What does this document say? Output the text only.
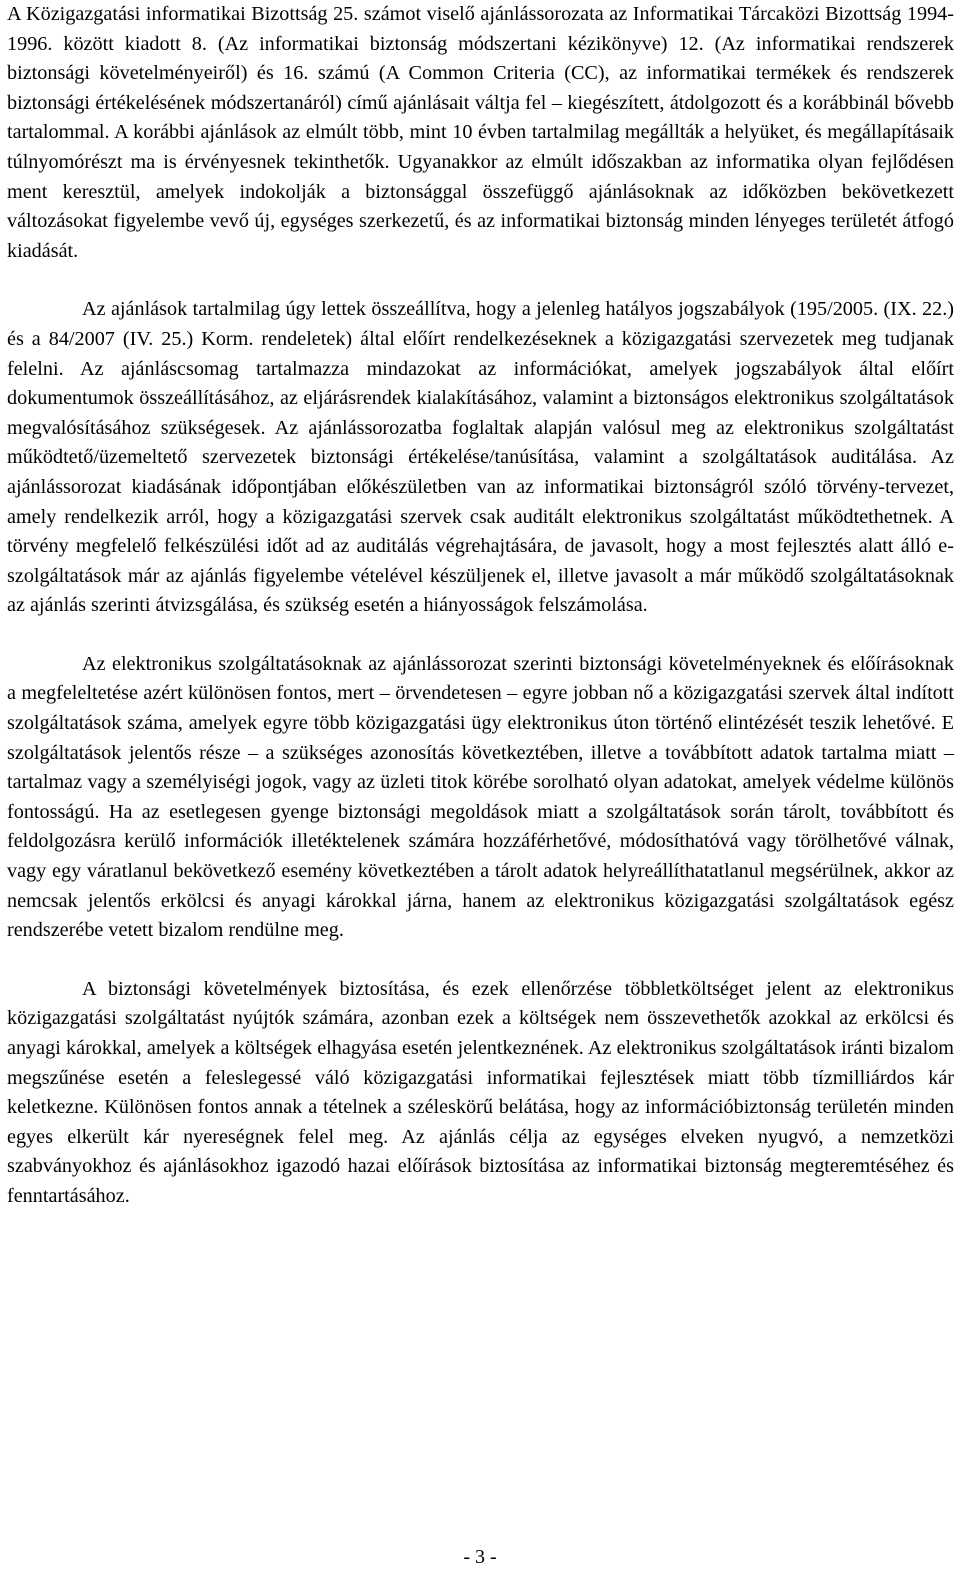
A Közigazgatási informatikai Bizottság 25. számot viselő ajánlássorozata az Informatikai Tárcaközi Bizottság 1994-1996. között kiadott 8. (Az informatikai biztonság módszertani kézikönyve) 12. (Az informatikai rendszerek biztonsági követelményeiről) és 16. számú (A Common Criteria (CC), az informatikai termékek és rendszerek biztonsági értékelésének módszertanáról) című ajánlásait váltja fel – kiegészített, átdolgozott és a korábbinál bővebb tartalommal. A korábbi ajánlások az elmúlt több, mint 10 évben tartalmilag megállták a helyüket, és megállapításaik túlnyomórészt ma is érvényesnek tekinthetők. Ugyanakkor az elmúlt időszakban az informatika olyan fejlődésen ment keresztül, amelyek indokolják a biztonsággal összefüggő ajánlásoknak az időközben bekövetkezett változásokat figyelembe vevő új, egységes szerkezetű, és az informatikai biztonság minden lényeges területét átfogó kiadását.

Az ajánlások tartalmilag úgy lettek összeállítva, hogy a jelenleg hatályos jogszabályok (195/2005. (IX. 22.) és a 84/2007 (IV. 25.) Korm. rendeletek) által előírt rendelkezéseknek a közigazgatási szervezetek meg tudjanak felelni. Az ajánláscsomag tartalmazza mindazokat az információkat, amelyek jogszabályok által előírt dokumentumok összeállításához, az eljárásrendek kialakításához, valamint a biztonságos elektronikus szolgáltatások megvalósításához szükségesek. Az ajánlássorozatba foglaltak alapján valósul meg az elektronikus szolgáltatást működtető/üzemeltető szervezetek biztonsági értékelése/tanúsítása, valamint a szolgáltatások auditálása. Az ajánlássorozat kiadásának időpontjában előkészületben van az informatikai biztonságról szóló törvény-tervezet, amely rendelkezik arról, hogy a közigazgatási szervek csak auditált elektronikus szolgáltatást működtethetnek. A törvény megfelelő felkészülési időt ad az auditálás végrehajtására, de javasolt, hogy a most fejlesztés alatt álló e-szolgáltatások már az ajánlás figyelembe vételével készüljenek el, illetve javasolt a már működő szolgáltatásoknak az ajánlás szerinti átvizsgálása, és szükség esetén a hiányosságok felszámolása.

Az elektronikus szolgáltatásoknak az ajánlássorozat szerinti biztonsági követelményeknek és előírásoknak a megfeleltetése azért különösen fontos, mert – örvendetesen – egyre jobban nő a közigazgatási szervek által indított szolgáltatások száma, amelyek egyre több közigazgatási ügy elektronikus úton történő elintézését teszik lehetővé. E szolgáltatások jelentős része – a szükséges azonosítás következtében, illetve a továbbított adatok tartalma miatt – tartalmaz vagy a személyiségi jogok, vagy az üzleti titok körébe sorolható olyan adatokat, amelyek védelme különös fontosságú. Ha az esetlegesen gyenge biztonsági megoldások miatt a szolgáltatások során tárolt, továbbított és feldolgozásra kerülő információk illetéktelenek számára hozzáférhetővé, módosíthatóvá vagy törölhetővé válnak, vagy egy váratlanul bekövetkező esemény következtében a tárolt adatok helyreállíthatatlanul megsérülnek, akkor az nemcsak jelentős erkölcsi és anyagi károkkal járna, hanem az elektronikus közigazgatási szolgáltatások egész rendszerébe vetett bizalom rendülne meg.

A biztonsági követelmények biztosítása, és ezek ellenőrzése többletköltséget jelent az elektronikus közigazgatási szolgáltatást nyújtók számára, azonban ezek a költségek nem összevethetők azokkal az erkölcsi és anyagi károkkal, amelyek a költségek elhagyása esetén jelentkeznének. Az elektronikus szolgáltatások iránti bizalom megszűnése esetén a feleslegessé váló közigazgatási informatikai fejlesztések miatt több tízmilliárdos kár keletkezne. Különösen fontos annak a tételnek a széleskörű belátása, hogy az információbiztonság területén minden egyes elkerült kár nyereségnek felel meg. Az ajánlás célja az egységes elveken nyugvó, a nemzetközi szabványokhoz és ajánlásokhoz igazodó hazai előírások biztosítása az informatikai biztonság megteremtéséhez és fenntartásához.

- 3 -
